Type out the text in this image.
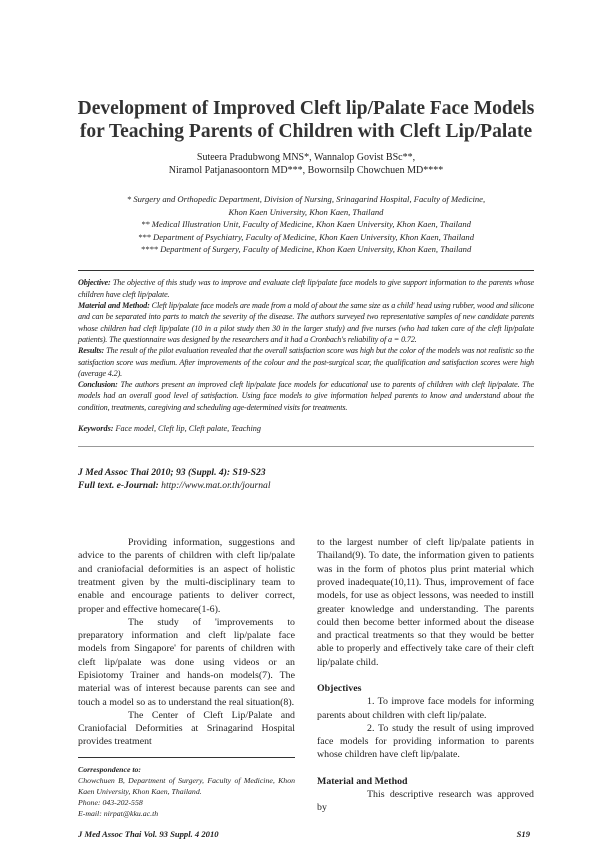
Development of Improved Cleft lip/Palate Face Models
for Teaching Parents of Children with Cleft Lip/Palate
Suteera Pradubwong MNS*, Wannalop Govist BSc**,
Niramol Patjanasoontorn MD***, Bowornsilp Chowchuen MD****
* Surgery and Orthopedic Department, Division of Nursing, Srinagarind Hospital, Faculty of Medicine,
Khon Kaen University, Khon Kaen, Thailand
** Medical Illustration Unit, Faculty of Medicine, Khon Kaen University, Khon Kaen, Thailand
*** Department of Psychiatry, Faculty of Medicine, Khon Kaen University, Khon Kaen, Thailand
**** Department of Surgery, Faculty of Medicine, Khon Kaen University, Khon Kaen, Thailand

Objective: The objective of this study was to improve and evaluate cleft lip/palate face models to give support information to the parents whose children have cleft lip/palate.

Material and Method: Cleft lip/palate face models are made from a mold of about the same size as a child' head using rubber, wood and silicone and can be separated into parts to match the severity of the disease. The authors surveyed two representative samples of new candidate parents whose children had cleft lip/palate (10 in a pilot study then 30 in the larger study) and five nurses (who had taken care of the cleft lip/palate patients). The questionnaire was designed by the researchers and it had a Cronbach's reliability of a = 0.72.

Results: The result of the pilot evaluation revealed that the overall satisfaction score was high but the color of the models was not realistic so the satisfaction score was medium. After improvements of the colour and the post-surgical scar, the qualification and satisfaction scores were high (average 4.2).

Conclusion: The authors present an improved cleft lip/palate face models for educational use to parents of children with cleft lip/palate. The models had an overall good level of satisfaction. Using face models to give information helped parents to know and understand about the condition, treatments, caregiving and scheduling age-determined visits for treatments.

Keywords: Face model, Cleft lip, Cleft palate, Teaching
J Med Assoc Thai 2010; 93 (Suppl. 4): S19-S23
Full text. e-Journal: http://www.mat.or.th/journal

Providing information, suggestions and advice to the parents of children with cleft lip/palate and craniofacial deformities is an aspect of holistic treatment given by the multi-disciplinary team to enable and encourage patients to deliver correct, proper and effective homecare(1-6).

The study of 'improvements to preparatory information and cleft lip/palate face models from Singapore' for parents of children with cleft lip/palate was done using videos or an Episiotomy Trainer and hands-on models(7). The material was of interest because parents can see and touch a model so as to understand the real situation(8).

The Center of Cleft Lip/Palate and Craniofacial Deformities at Srinagarind Hospital provides treatment

Correspondence to:
Chowchuen B, Department of Surgery, Faculty of Medicine, Khon Kaen University, Khon Kaen, Thailand.
Phone: 043-202-558
E-mail: nirpat@kku.ac.th

to the largest number of cleft lip/palate patients in Thailand(9). To date, the information given to patients was in the form of photos plus print material which proved inadequate(10,11). Thus, improvement of face models, for use as object lessons, was needed to instill greater knowledge and understanding. The parents could then become better informed about the disease and practical treatments so that they would be better able to properly and effectively take care of their cleft lip/palate child.

Objectives

1. To improve face models for informing parents about children with cleft lip/palate.

2. To study the result of using improved face models for providing information to parents whose children have cleft lip/palate.

Material and Method

This descriptive research was approved by

J Med Assoc Thai Vol. 93 Suppl. 4 2010	S19
